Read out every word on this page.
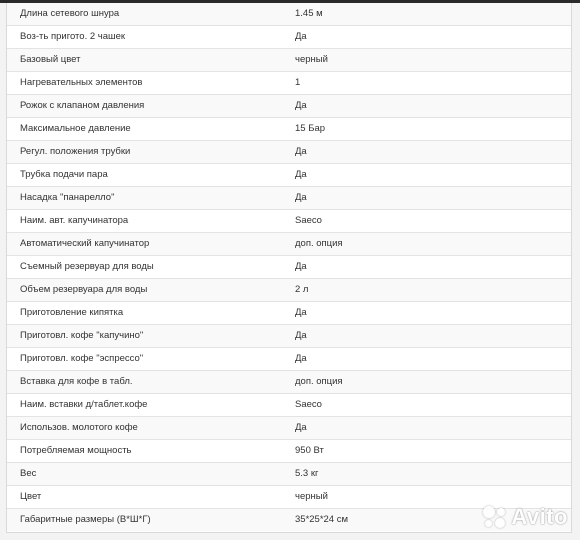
Длина сетевого шнура	1.45 м
Воз-ть пригото. 2 чашек	Да
Базовый цвет	черный
Нагревательных элементов	1
Рожок с клапаном давления	Да
Максимальное давление	15 Бар
Регул. положения трубки	Да
Трубка подачи пара	Да
Насадка "панарелло"	Да
Наим. авт. капучинатора	Saeco
Автоматический капучинатор	доп. опция
Съемный резервуар для воды	Да
Объем резервуара для воды	2 л
Приготовление кипятка	Да
Приготовл. кофе "капучино"	Да
Приготовл. кофе "эспрессо"	Да
Вставка для кофе в табл.	доп. опция
Наим. вставки д/таблет.кофе	Saeco
Использов. молотого кофе	Да
Потребляемая мощность	950 Вт
Вес	5.3 кг
Цвет	черный
Габаритные размеры (В*Ш*Г)	35*25*24 см	Avito
